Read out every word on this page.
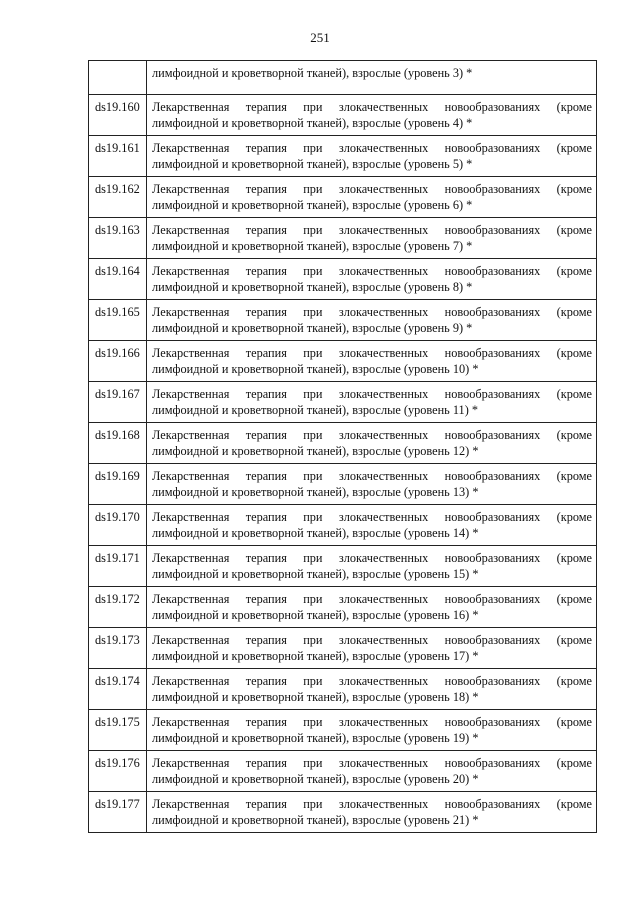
251

	лимфоидной и кроветворной тканей), взрослые (уровень 3) *

ds19.160	Лекарственная терапия при злокачественных новообразованиях (кроме
лимфоидной и кроветворной тканей), взрослые (уровень 4) *

ds19.161	Лекарственная терапия при злокачественных новообразованиях (кроме
лимфоидной и кроветворной тканей), взрослые (уровень 5) *

ds19.162	Лекарственная терапия при злокачественных новообразованиях (кроме
лимфоидной и кроветворной тканей), взрослые (уровень 6) *

ds19.163	Лекарственная терапия при злокачественных новообразованиях (кроме
лимфоидной и кроветворной тканей), взрослые (уровень 7) *

ds19.164	Лекарственная терапия при злокачественных новообразованиях (кроме
лимфоидной и кроветворной тканей), взрослые (уровень 8) *

ds19.165	Лекарственная терапия при злокачественных новообразованиях (кроме
лимфоидной и кроветворной тканей), взрослые (уровень 9) *

ds19.166	Лекарственная терапия при злокачественных новообразованиях (кроме
лимфоидной и кроветворной тканей), взрослые (уровень 10) *

ds19.167	Лекарственная терапия при злокачественных новообразованиях (кроме
лимфоидной и кроветворной тканей), взрослые (уровень 11) *

ds19.168	Лекарственная терапия при злокачественных новообразованиях (кроме
лимфоидной и кроветворной тканей), взрослые (уровень 12) *

ds19.169	Лекарственная терапия при злокачественных новообразованиях (кроме
лимфоидной и кроветворной тканей), взрослые (уровень 13) *

ds19.170	Лекарственная терапия при злокачественных новообразованиях (кроме
лимфоидной и кроветворной тканей), взрослые (уровень 14) *

ds19.171	Лекарственная терапия при злокачественных новообразованиях (кроме
лимфоидной и кроветворной тканей), взрослые (уровень 15) *

ds19.172	Лекарственная терапия при злокачественных новообразованиях (кроме
лимфоидной и кроветворной тканей), взрослые (уровень 16) *

ds19.173	Лекарственная терапия при злокачественных новообразованиях (кроме
лимфоидной и кроветворной тканей), взрослые (уровень 17) *

ds19.174	Лекарственная терапия при злокачественных новообразованиях (кроме
лимфоидной и кроветворной тканей), взрослые (уровень 18) *

ds19.175	Лекарственная терапия при злокачественных новообразованиях (кроме
лимфоидной и кроветворной тканей), взрослые (уровень 19) *

ds19.176	Лекарственная терапия при злокачественных новообразованиях (кроме
лимфоидной и кроветворной тканей), взрослые (уровень 20) *

ds19.177	Лекарственная терапия при злокачественных новообразованиях (кроме
лимфоидной и кроветворной тканей), взрослые (уровень 21) *
